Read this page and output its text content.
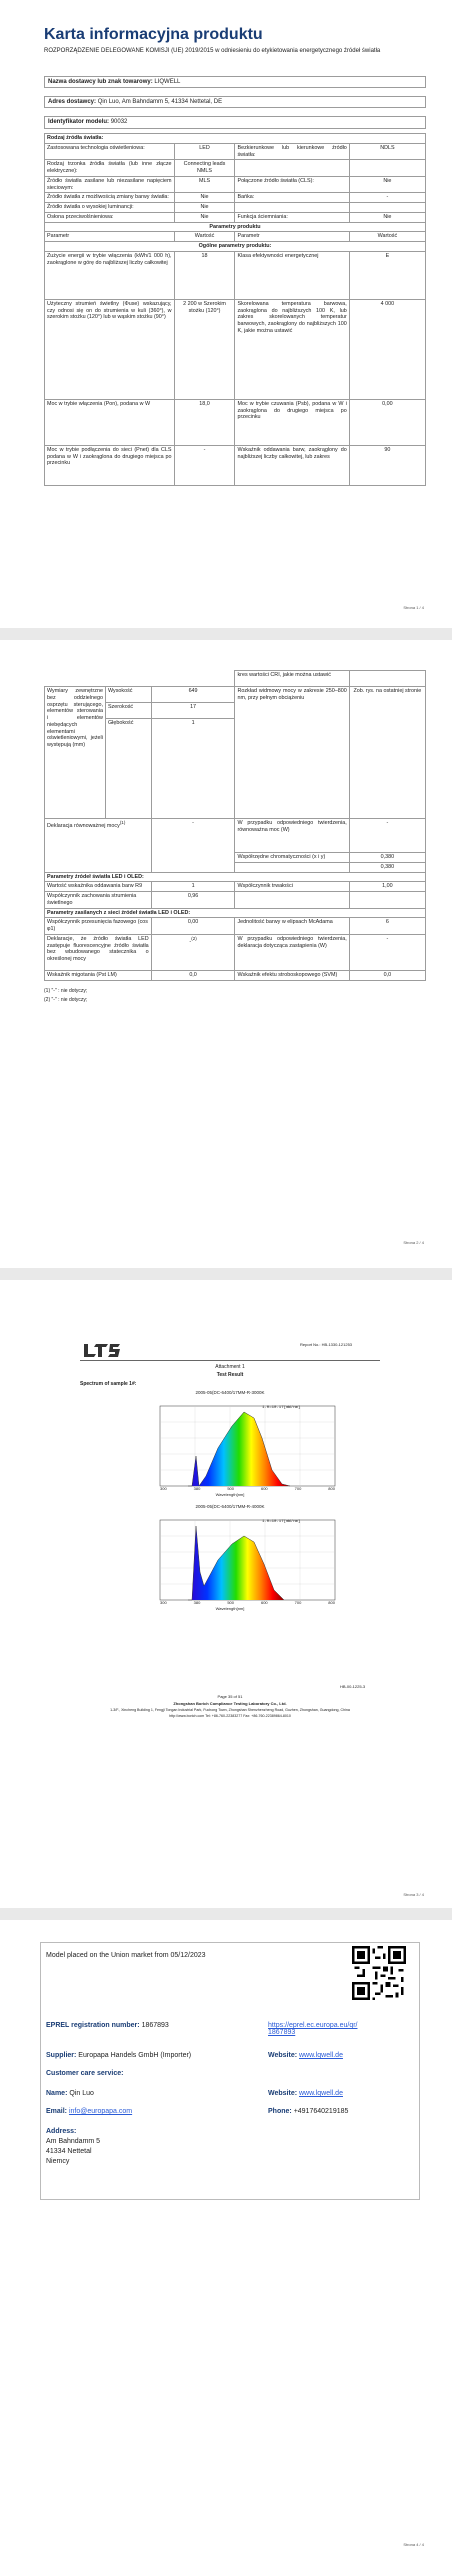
Karta informacyjna produktu
ROZPORZĄDZENIE DELEGOWANE KOMISJI (UE) 2019/2015 w odniesieniu do etykietowania energetycznego źródeł światła
Nazwa dostawcy lub znak towarowy: LIQWELL
Adres dostawcy: Qin Luo, Am Bahndamm 5, 41334 Nettetal, DE
Identyfikator modelu: 90032
Rodzaj źródła światła:			
Zastosowana technologia oświetleniowa:	LED	Bezkierunkowe lub kierunkowe źródło światła:	NDLS
Rodzaj trzonka źródła światła (lub inne złącze elektryczne):	Connecting leads NMLS		
Źródło światła zasilane lub niezasilane napięciem sieciowym:	MLS	Połączone źródło światła (CLS):	Nie
Źródło światła z możliwością zmiany barwy światła:	Nie	Bańka:	-
Źródło światła o wysokiej luminancji:	Nie		
Osłona przeciwolśnieniowa:	Nie	Funkcja ściemniania:	Nie
Parametry produktu			
Parametr	Wartość	Parametr	Wartość
Ogólne parametry produktu:			
Zużycie energii w trybie włączenia (kWh/1 000 h), zaokrąglone w górę do najbliższej liczby całkowitej	18	Klasa efektywności energetycznej	E
Użyteczny strumień świetlny (Φuse) wskazujący, czy odnosi się on do strumienia w kuli (360°), w szerokim stożku (120°) lub w wąskim stożku (90°)	2 200 w Szerokim stożku (120°)	Skorelowana temperatura barwowa, zaokrąglona do najbliższych 100 K, lub zakres skorelowanych temperatur barwowych, zaokrąglony do najbliższych 100 K, jakie można ustawić	4 000
Moc w trybie włączenia (Pon), podana w W	18,0	Moc w trybie czuwania (Psb), podana w W i zaokrąglona do drugiego miejsca po przecinku	0,00
Moc w trybie podłączenia do sieci (Pnet) dla CLS podana w W i zaokrąglona do drugiego miejsca po przecinku	-	Wskaźnik oddawania barw, zaokrąglony do najbliższej liczby całkowitej, lub zakres	90
Strona 1 / 4
			kres wartości CRI, jakie można ustawić	
Wymiary zewnętrzne bez oddzielnego osprzętu sterującego, elementów sterowania i elementów niebędących elementami oświetleniowymi, jeżeli występują (mm)	Wysokość	649	Rozkład widmowy mocy w zakresie 250–800 nm, przy pełnym obciążeniu	Zob. rys. na ostatniej stronie
	Szerokość	17		
	Głębokość	1		
Deklaracja równoważnej mocy$^{(1)}$		-	W przypadku odpowiedniego twierdzenia, równoważna moc (W)	-
			Współrzędne chromatyczności (x i y)	0,380
				0,380
Parametry źródeł światła LED i OLED:				
Wartość wskaźnika oddawania barw R9		1	Współczynnik trwałości	1,00
Współczynnik zachowania strumienia świetlnego		0,96		
Parametry zasilanych z sieci źródeł światła LED i OLED:				
Współczynnik przesunięcia fazowego (cos φ1)		0,00	Jednolitość barwy w elipsach McAdama	6
Deklaracje, że źródło światła LED zastępuje fluorescencyjne źródło światła bez wbudowanego statecznika o określonej mocy		-$^{(2)}$	W przypadku odpowiedniego twierdzenia, deklaracja dotycząca zastąpienia (W)	-
Wskaźnik migotania (Pst LM)		0,0	Wskaźnik efektu stroboskopowego (SVM)	0,0
(1) "-" : nie dotyczy;
(2) "-" : nie dotyczy;
Strona 2 / 4
Report No.: HB-1330-121253
Attachment 1
Test Result
Spectrum of sample 1#:
2005-05(DC-6400/17MM-R-3000K
1.0=10.17[mW/nm]
300	380	500	600	700	800
Wavelength[nm]
2005-05(DC-6400/17MM-R-4000K
1.0=10.17[mW/nm]
300	380	500	600	700	800
Wavelength[nm]
HB-00-1225-3
Page 35 of 51
Zhongshan Borich Compliance Testing Laboratory Co., Ltd.
1-3/F., Xincheng Building 1, Fengji Tongan Industrial Park, Fuchong Town, Zhongshan Shenzhenzheng Road, Guzhen, Zhongshan, Guangdong, China
http://www.borich.com Tel: +86-760-22383277 Fax: +86-760-22389864-8010
Strona 3 / 4
Model placed on the Union market from 05/12/2023
EPREL registration number: 1867893	https://eprel.ec.europa.eu/qr/1867893
Supplier: Europapa Handels GmbH (Importer)	Website: www.lqwell.de
Customer care service:
Name: Qin Luo	Website: www.lqwell.de
Email: info@europapa.com	Phone: +4917640219185
Address:
Am Bahndamm 5
41334 Nettetal
Niemcy
Strona 4 / 4
